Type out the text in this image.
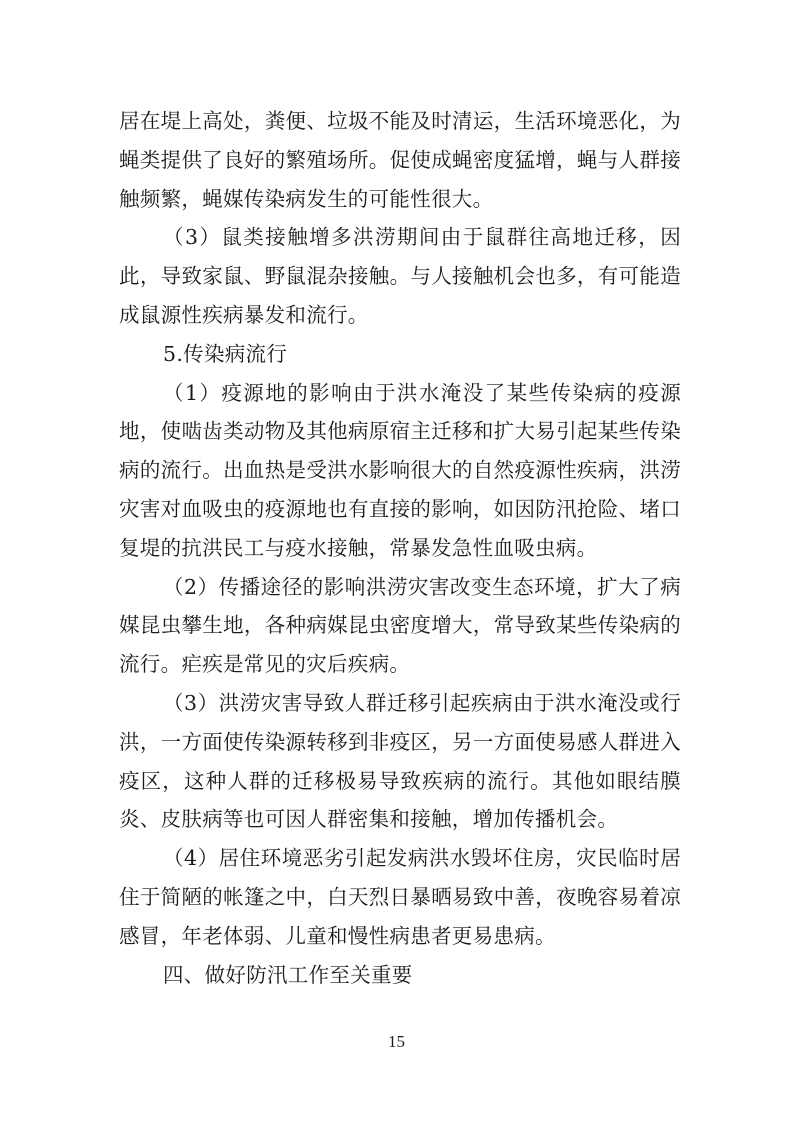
居在堤上高处，粪便、垃圾不能及时清运，生活环境恶化，为蝇类提供了良好的繁殖场所。促使成蝇密度猛增，蝇与人群接触频繁，蝇媒传染病发生的可能性很大。

（3）鼠类接触增多洪涝期间由于鼠群往高地迁移，因此，导致家鼠、野鼠混杂接触。与人接触机会也多，有可能造成鼠源性疾病暴发和流行。

5.传染病流行

（1）疫源地的影响由于洪水淹没了某些传染病的疫源地，使啮齿类动物及其他病原宿主迁移和扩大易引起某些传染病的流行。出血热是受洪水影响很大的自然疫源性疾病，洪涝灾害对血吸虫的疫源地也有直接的影响，如因防汛抢险、堵口复堤的抗洪民工与疫水接触，常暴发急性血吸虫病。

（2）传播途径的影响洪涝灾害改变生态环境，扩大了病媒昆虫攀生地，各种病媒昆虫密度增大，常导致某些传染病的流行。疟疾是常见的灾后疾病。

（3）洪涝灾害导致人群迁移引起疾病由于洪水淹没或行洪，一方面使传染源转移到非疫区，另一方面使易感人群进入疫区，这种人群的迁移极易导致疾病的流行。其他如眼结膜炎、皮肤病等也可因人群密集和接触，增加传播机会。

（4）居住环境恶劣引起发病洪水毁坏住房，灾民临时居住于简陋的帐篷之中，白天烈日暴晒易致中善，夜晚容易着凉感冒，年老体弱、儿童和慢性病患者更易患病。

四、做好防汛工作至关重要

15
